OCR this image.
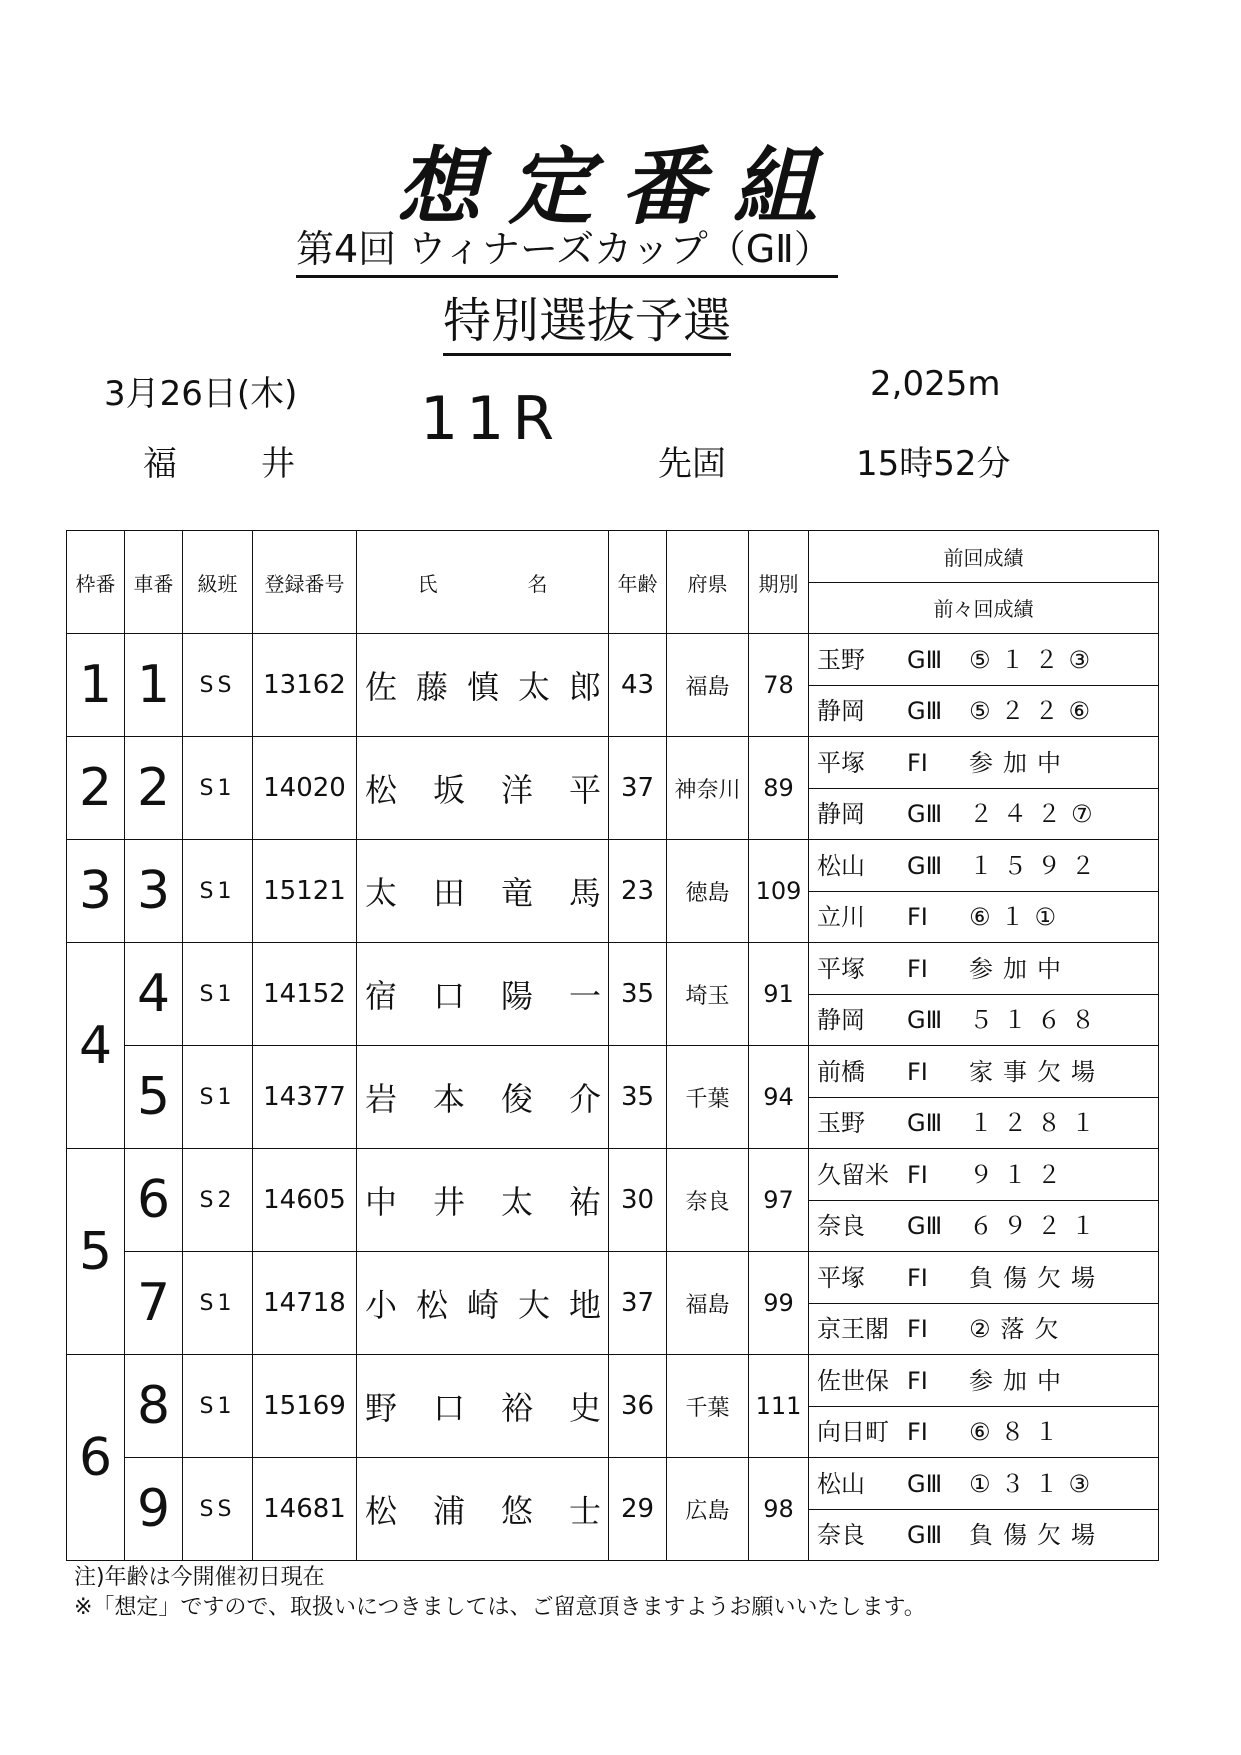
想定番組
第4回 ウィナーズカップ（GⅡ）
特別選抜予選
3月26日(木)
福井
11R	2,025m
先固	15時52分
枠番	車番	級班	登録番号	氏 名	年齢	府県	期別	前回成績
								前々回成績
1	1	SS	13162	佐藤慎太郎	43	福島	78	玉野 GⅢ ⑤１２③
静岡 GⅢ ⑤２２⑥

2	2	S1	14020	松坂洋平	37	神奈川	89	平塚 FⅠ 参加中
静岡 GⅢ ２４２⑦

3	3	S1	15121	太田竜馬	23	徳島	109	松山 GⅢ １５９２
立川 FⅠ ⑥１①

4	4	S1	14152	宿口陽一	35	埼玉	91	平塚 FⅠ 参加中
静岡 GⅢ ５１６８

	5	S1	14377	岩本俊介	35	千葉	94	前橋 FⅠ 家事欠場
玉野 GⅢ １２８１

5	6	S2	14605	中井太祐	30	奈良	97	久留米 FⅠ ９１２
奈良 GⅢ ６９２１

	7	S1	14718	小松崎大地	37	福島	99	平塚 FⅠ 負傷欠場
京王閣 FⅠ ②落欠

6	8	S1	15169	野口裕史	36	千葉	111	佐世保 FⅠ 参加中
向日町 FⅠ ⑥８１

	9	SS	14681	松浦悠士	29	広島	98	松山 GⅢ ①３１③
奈良 GⅢ 負傷欠場
注)年齢は今開催初日現在
※「想定」ですので、取扱いにつきましては、ご留意頂きますようお願いいたします。
